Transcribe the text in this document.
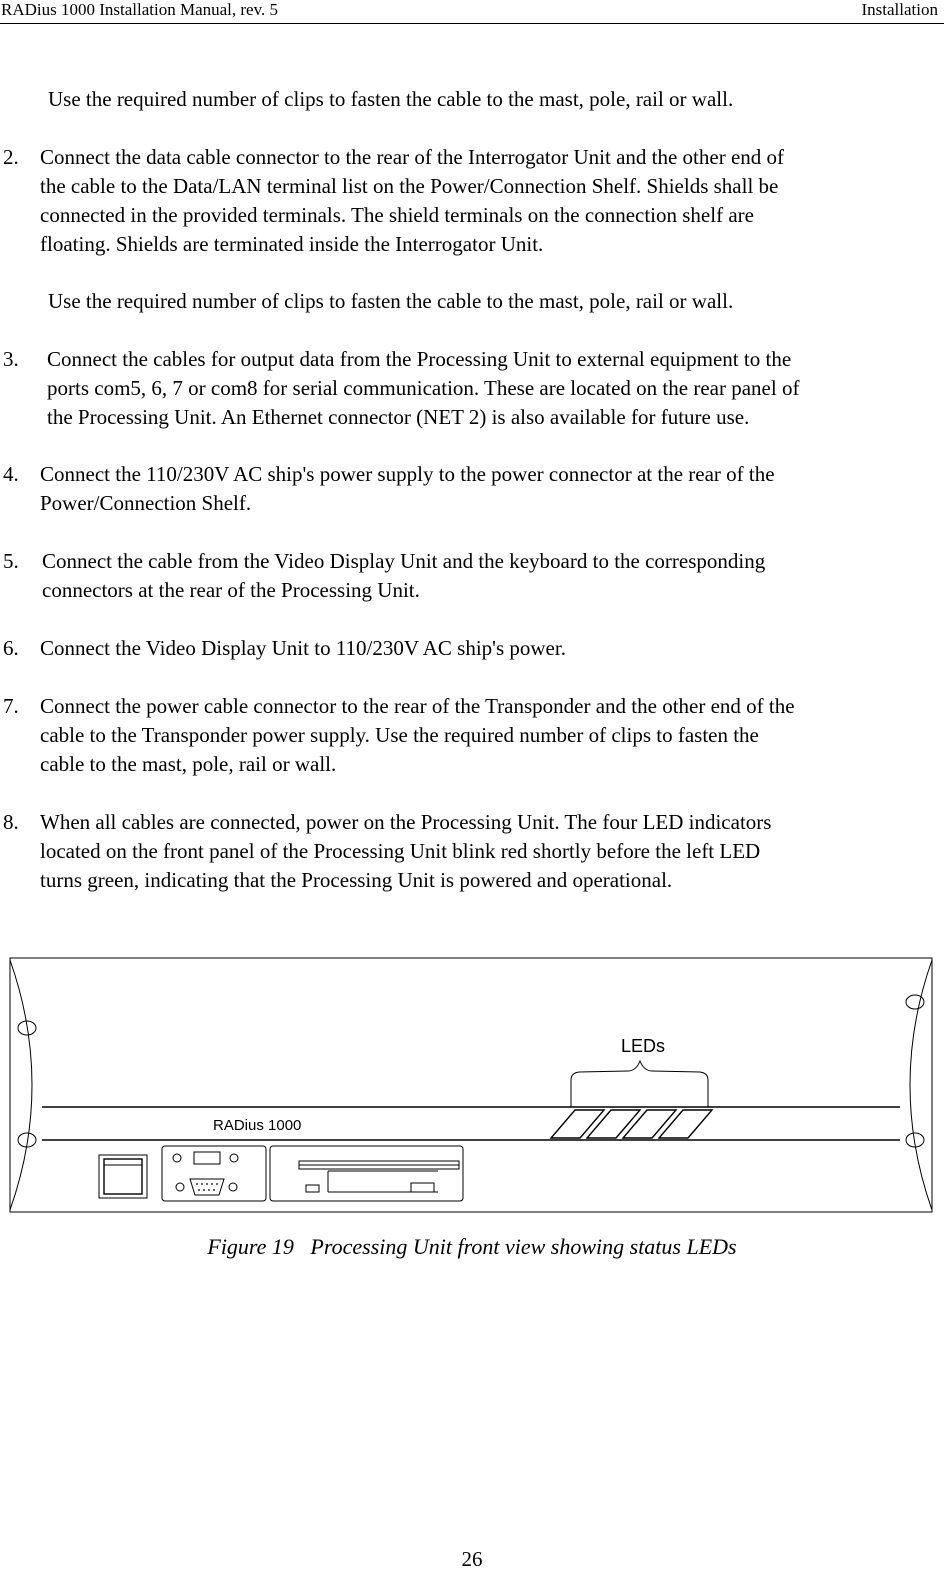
RADius 1000 Installation Manual, rev. 5	Installation

Use the required number of clips to fasten the cable to the mast, pole, rail or wall.

2. Connect the data cable connector to the rear of the Interrogator Unit and the other end of

the cable to the Data/LAN terminal list on the Power/Connection Shelf. Shields shall be

connected in the provided terminals. The shield terminals on the connection shelf are

floating. Shields are terminated inside the Interrogator Unit.

Use the required number of clips to fasten the cable to the mast, pole, rail or wall.

3. Connect the cables for output data from the Processing Unit to external equipment to the

ports com5, 6, 7 or com8 for serial communication. These are located on the rear panel of

the Processing Unit. An Ethernet connector (NET 2) is also available for future use.

4. Connect the 110/230V AC ship's power supply to the power connector at the rear of the

Power/Connection Shelf.

5. Connect the cable from the Video Display Unit and the keyboard to the corresponding

connectors at the rear of the Processing Unit.

6. Connect the Video Display Unit to 110/230V AC ship's power.

7. Connect the power cable connector to the rear of the Transponder and the other end of the

cable to the Transponder power supply. Use the required number of clips to fasten the

cable to the mast, pole, rail or wall.

8. When all cables are connected, power on the Processing Unit. The four LED indicators

located on the front panel of the Processing Unit blink red shortly before the left LED

turns green, indicating that the Processing Unit is powered and operational.

LEDs
RADius 1000
Figure 19   Processing Unit front view showing status LEDs
26
